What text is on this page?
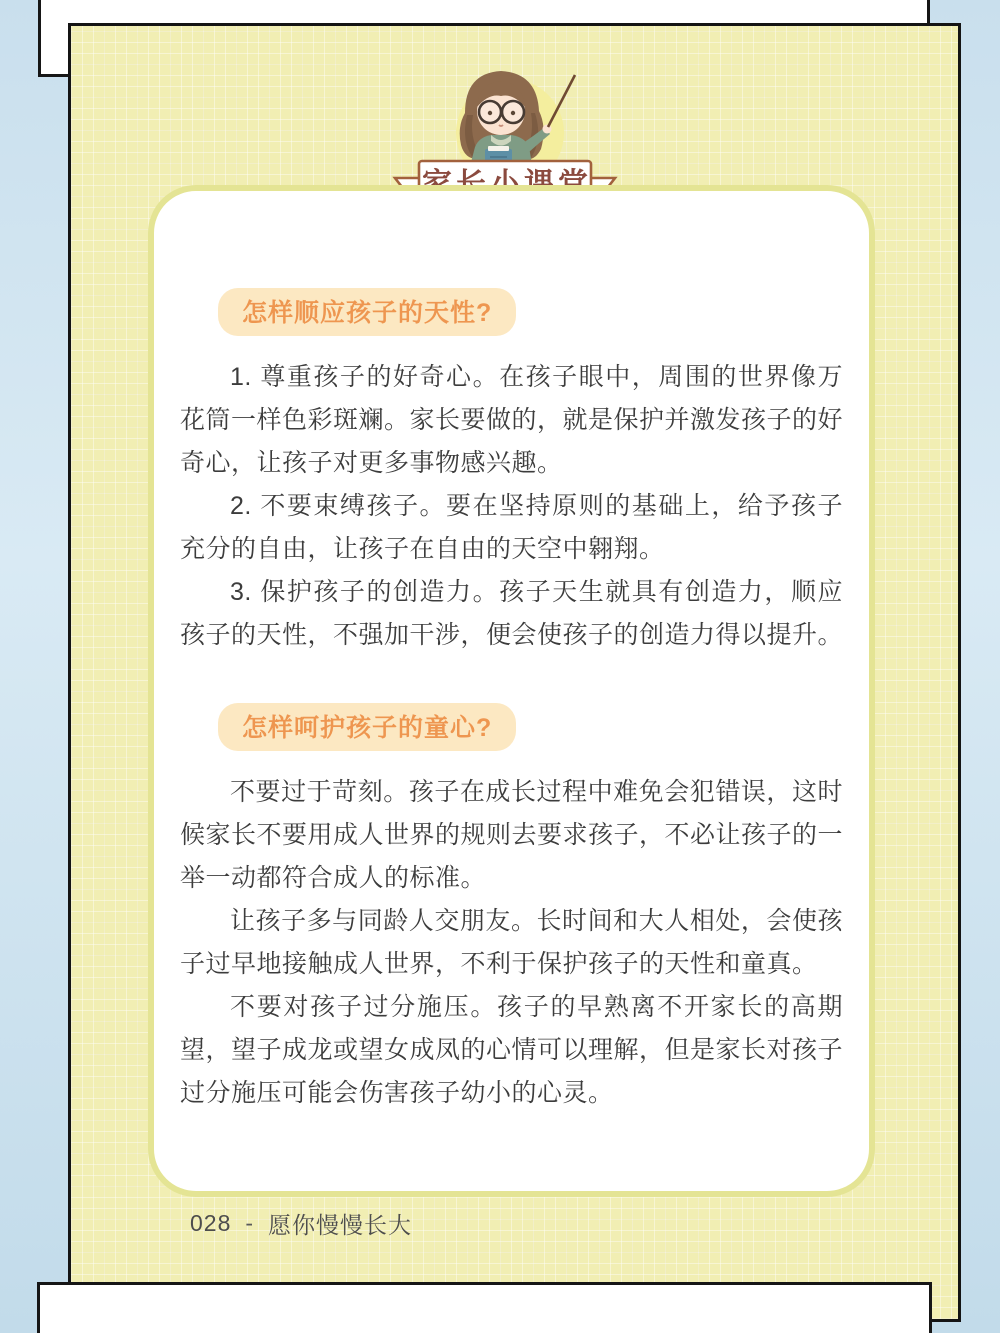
怎样顺应孩子的天性?

1. 尊重孩子的好奇心。在孩子眼中，周围的世界像万花筒一样色彩斑斓。家长要做的，就是保护并激发孩子的好奇心，让孩子对更多事物感兴趣。

2. 不要束缚孩子。要在坚持原则的基础上，给予孩子充分的自由，让孩子在自由的天空中翱翔。

3. 保护孩子的创造力。孩子天生就具有创造力，顺应孩子的天性，不强加干涉，便会使孩子的创造力得以提升。

怎样呵护孩子的童心?

不要过于苛刻。孩子在成长过程中难免会犯错误，这时候家长不要用成人世界的规则去要求孩子，不必让孩子的一举一动都符合成人的标准。

让孩子多与同龄人交朋友。长时间和大人相处，会使孩子过早地接触成人世界，不利于保护孩子的天性和童真。

不要对孩子过分施压。孩子的早熟离不开家长的高期望，望子成龙或望女成凤的心情可以理解，但是家长对孩子过分施压可能会伤害孩子幼小的心灵。

028 - 愿你慢慢长大
